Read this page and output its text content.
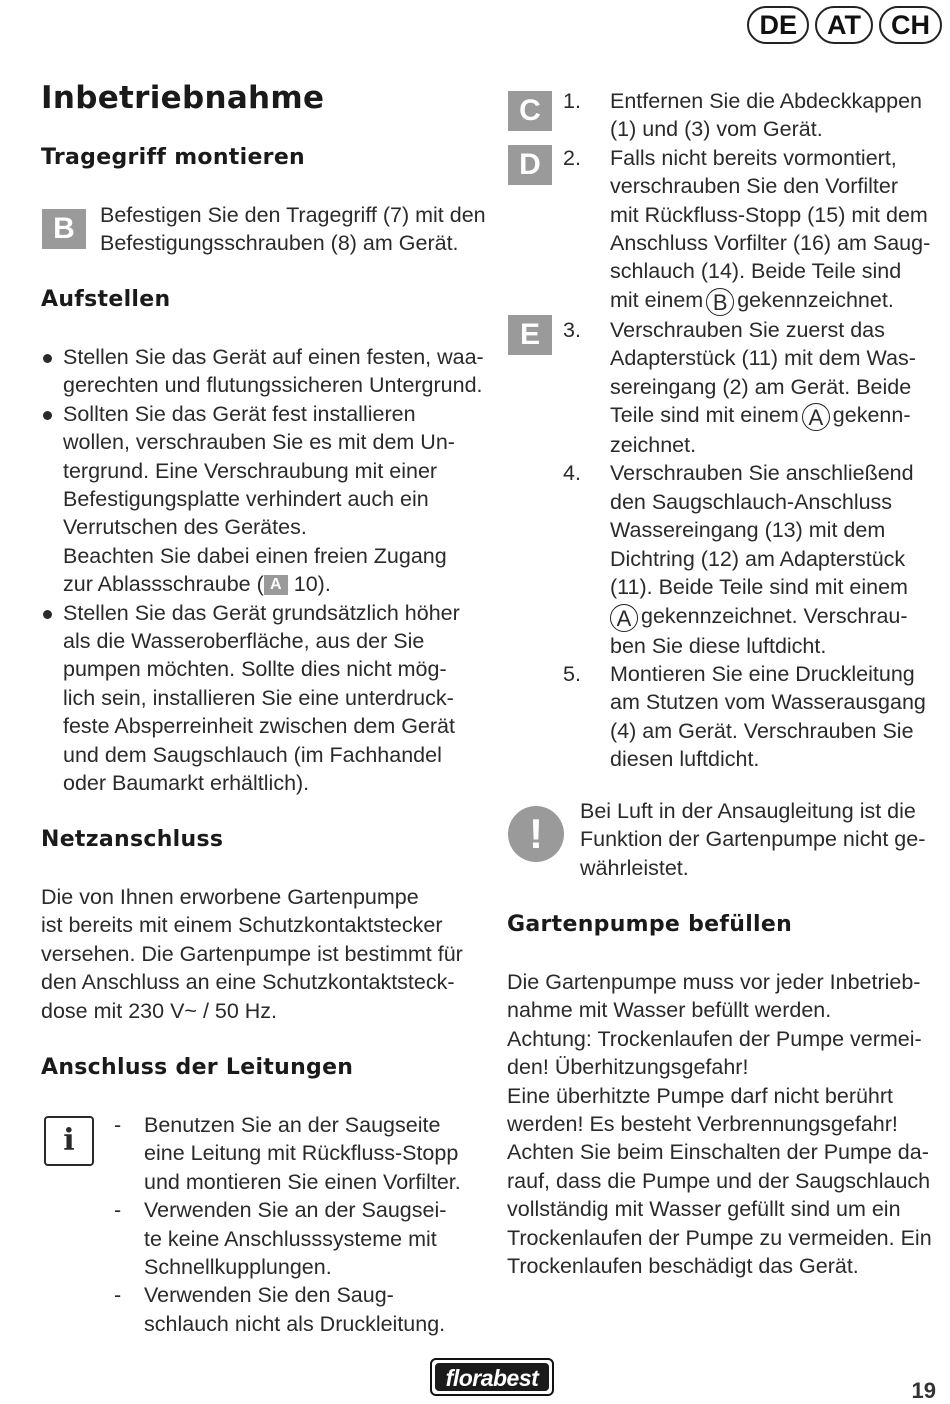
DE	AT	CH
Inbetriebnahme
Tragegriff montieren
B	Befestigen Sie den Tragegriff (7) mit den
Befestigungsschrauben (8) am Gerät.
Aufstellen
Stellen Sie das Gerät auf einen festen, waa-
gerechten und flutungssicheren Untergrund.
Sollten Sie das Gerät fest installieren
wollen, verschrauben Sie es mit dem Un-
tergrund. Eine Verschraubung mit einer
Befestigungsplatte verhindert auch ein
Verrutschen des Gerätes.
Beachten Sie dabei einen freien Zugang
zur Ablassschraube ( A 10).
Stellen Sie das Gerät grundsätzlich höher
als die Wasseroberfläche, aus der Sie
pumpen möchten. Sollte dies nicht mög-
lich sein, installieren Sie eine unterdruck-
feste Absperreinheit zwischen dem Gerät
und dem Saugschlauch (im Fachhandel
oder Baumarkt erhältlich).
Netzanschluss
Die von Ihnen erworbene Gartenpumpe
ist bereits mit einem Schutzkontaktstecker
versehen. Die Gartenpumpe ist bestimmt für
den Anschluss an eine Schutzkontaktsteck-
dose mit 230 V~ / 50 Hz.
Anschluss der Leitungen
i	- Benutzen Sie an der Saugseite
eine Leitung mit Rückfluss-Stopp
und montieren Sie einen Vorfilter.
- Verwenden Sie an der Saugsei-
te keine Anschlusssysteme mit
Schnellkupplungen.
- Verwenden Sie den Saug-
schlauch nicht als Druckleitung.
C
D
E
1. Entfernen Sie die Abdeckkappen
(1) und (3) vom Gerät.
2. Falls nicht bereits vormontiert,
verschrauben Sie den Vorfilter
mit Rückfluss-Stopp (15) mit dem
Anschluss Vorfilter (16) am Saug-
schlauch (14). Beide Teile sind
mit einem B gekennzeichnet.
3. Verschrauben Sie zuerst das
Adapterstück (11) mit dem Was-
sereingang (2) am Gerät. Beide
Teile sind mit einem A gekenn-
zeichnet.
4. Verschrauben Sie anschließend
den Saugschlauch-Anschluss
Wassereingang (13) mit dem
Dichtring (12) am Adapterstück
(11). Beide Teile sind mit einem
A gekennzeichnet. Verschrau-
ben Sie diese luftdicht.
5. Montieren Sie eine Druckleitung
am Stutzen vom Wasserausgang
(4) am Gerät. Verschrauben Sie
diesen luftdicht.
!	Bei Luft in der Ansaugleitung ist die
Funktion der Gartenpumpe nicht ge-
währleistet.
Gartenpumpe befüllen
Die Gartenpumpe muss vor jeder Inbetrieb-
nahme mit Wasser befüllt werden.
Achtung: Trockenlaufen der Pumpe vermei-
den! Überhitzungsgefahr!
Eine überhitzte Pumpe darf nicht berührt
werden! Es besteht Verbrennungsgefahr!
Achten Sie beim Einschalten der Pumpe da-
rauf, dass die Pumpe und der Saugschlauch
vollständig mit Wasser gefüllt sind um ein
Trockenlaufen der Pumpe zu vermeiden. Ein
Trockenlaufen beschädigt das Gerät.
florabest	19
